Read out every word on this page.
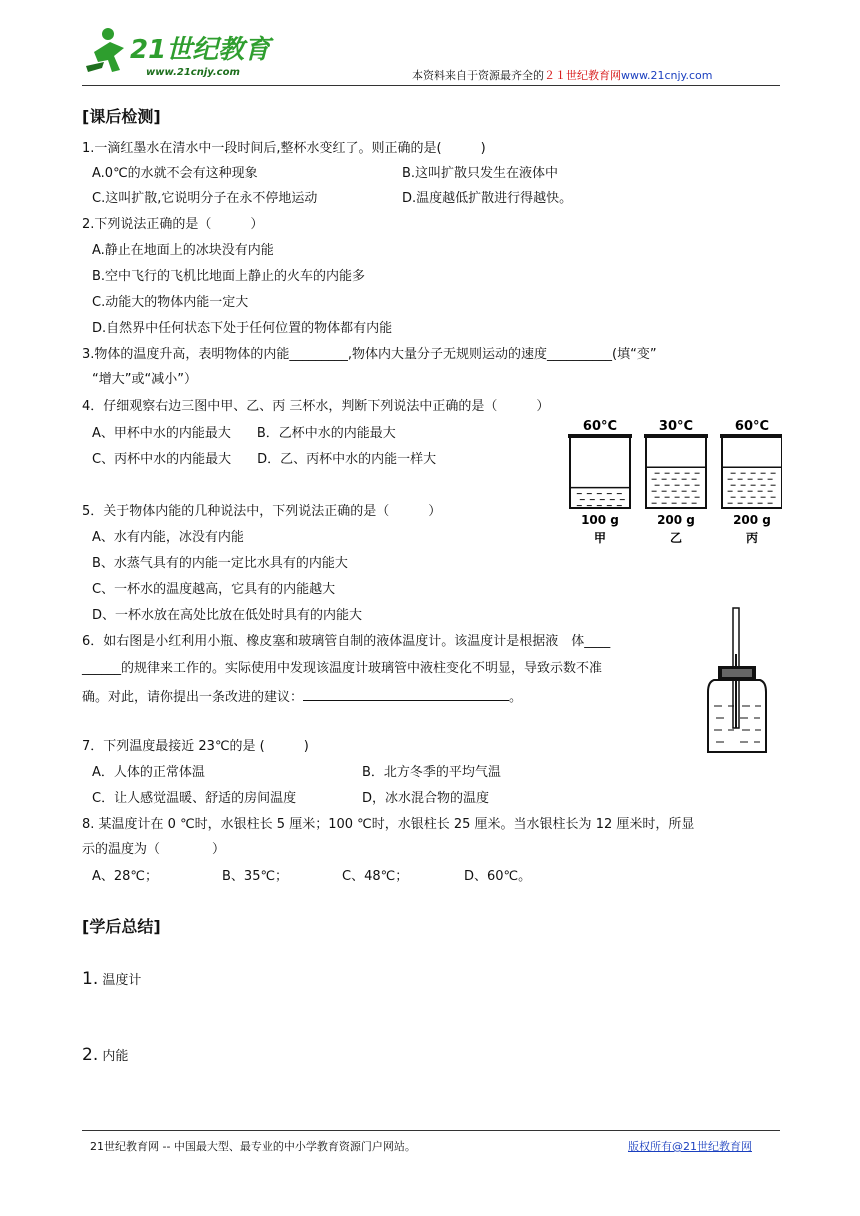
21世纪教育
www.21cnjy.com	本资料来自于资源最齐全的２１世纪教育网www.21cnjy.com
[课后检测]
1.一滴红墨水在清水中一段时间后,整杯水变红了。则正确的是(　　　)
A.0℃的水就不会有这种现象	B.这叫扩散只发生在液体中
C.这叫扩散,它说明分子在永不停地运动	D.温度越低扩散进行得越快。
2.下列说法正确的是（　　　）
A.静止在地面上的冰块没有内能
B.空中飞行的飞机比地面上静止的火车的内能多
C.动能大的物体内能一定大
D.自然界中任何状态下处于任何位置的物体都有内能
3.物体的温度升高，表明物体的内能_________,物体内大量分子无规则运动的速度__________(填“变”
“增大”或“减小”）
4．仔细观察右边三图中甲、乙、丙 三杯水，判断下列说法中正确的是（　　　）
A、甲杯中水的内能最大　　B．乙杯中水的内能最大
C、丙杯中水的内能最大　　D．乙、丙杯中水的内能一样大
60°C
100 g
甲
30°C
200 g
乙
60°C
200 g
丙
5．关于物体内能的几种说法中，下列说法正确的是（　　　）
A、水有内能，冰没有内能
B、水蒸气具有的内能一定比水具有的内能大
C、一杯水的温度越高，它具有的内能越大
D、一杯水放在高处比放在低处时具有的内能大
6．如右图是小红利用小瓶、橡皮塞和玻璃管自制的液体温度计。该温度计是根据液　体____
______的规律来工作的。实际使用中发现该温度计玻璃管中液柱变化不明显，导致示数不准
确。对此，请你提出一条改进的建议：	。
7．下列温度最接近 23℃的是 (　　　)
A．人体的正常体温	B．北方冬季的平均气温
C．让人感觉温暖、舒适的房间温度	D，冰水混合物的温度
8. 某温度计在 0 ℃时，水银柱长 5 厘米；100 ℃时，水银柱长 25 厘米。当水银柱长为 12 厘米时，所显
示的温度为（　　　　）
A、28℃；	B、35℃；	C、48℃；	D、60℃。
[学后总结]
1. 温度计
2. 内能
21世纪教育网 -- 中国最大型、最专业的中小学教育资源门户网站。	版权所有@21世纪教育网
